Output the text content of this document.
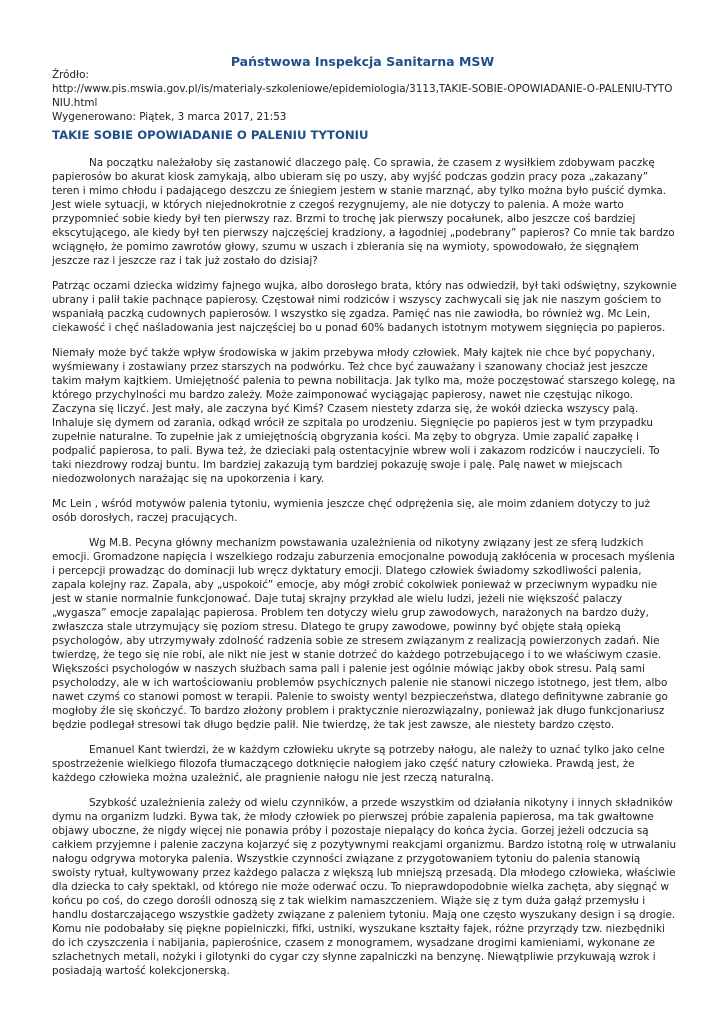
Państwowa Inspekcja Sanitarna MSW

Źródło:

http://www.pis.mswia.gov.pl/is/materialy-szkoleniowe/epidemiologia/3113,TAKIE-SOBIE-OPOWIADANIE-O-PALENIU-TYTONIU.html

Wygenerowano: Piątek, 3 marca 2017, 21:53

TAKIE SOBIE OPOWIADANIE O PALENIU TYTONIU

Na początku należałoby się zastanowić dlaczego palę. Co sprawia, że czasem z wysiłkiem zdobywam paczkę papierosów bo akurat kiosk zamykają, albo ubieram się po uszy, aby wyjść podczas godzin pracy poza „zakazany” teren i mimo chłodu i padającego deszczu ze śniegiem jestem w stanie marznąć, aby tylko można było puścić dymka. Jest wiele sytuacji, w których niejednokrotnie z czegoś rezygnujemy, ale nie dotyczy to palenia. A może warto przypomnieć sobie kiedy był ten pierwszy raz. Brzmi to trochę jak pierwszy pocałunek, albo jeszcze coś bardziej ekscytującego, ale kiedy był ten pierwszy najczęściej kradziony, a łagodniej „podebrany” papieros? Co mnie tak bardzo wciągnęło, że pomimo zawrotów głowy, szumu w uszach i zbierania się na wymioty, spowodowało, że sięgnąłem jeszcze raz i jeszcze raz i tak już zostało do dzisiaj?

Patrząc oczami dziecka widzimy fajnego wujka, albo dorosłego brata, który nas odwiedził, był taki odświętny, szykownie ubrany i palił takie pachnące papierosy. Częstował nimi rodziców i wszyscy zachwycali się jak nie naszym gościem to wspaniałą paczką cudownych papierosów. I wszystko się zgadza. Pamięć nas nie zawiodła, bo również wg. Mc Lein, ciekawość i chęć naśladowania jest najczęściej bo u ponad 60% badanych istotnym motywem sięgnięcia po papieros.

Niemały może być także wpływ środowiska w jakim przebywa młody człowiek. Mały kajtek nie chce być popychany, wyśmiewany i zostawiany przez starszych na podwórku. Też chce być zauważany i szanowany chociaż jest jeszcze takim małym kajtkiem. Umiejętność palenia to pewna nobilitacja. Jak tylko ma, może poczęstować starszego kolegę, na którego przychylności mu bardzo zależy. Może zaimponować wyciągając papierosy, nawet nie częstując nikogo. Zaczyna się liczyć. Jest mały, ale zaczyna być Kimś? Czasem niestety zdarza się, że wokół dziecka wszyscy palą. Inhaluje się dymem od zarania, odkąd wrócił ze szpitala po urodzeniu. Sięgnięcie po papieros jest w tym przypadku zupełnie naturalne. To zupełnie jak z umiejętnością obgryzania kości. Ma zęby to obgryza. Umie zapalić zapałkę i podpalić papierosa, to pali. Bywa też, że dzieciaki palą ostentacyjnie wbrew woli i zakazom rodziców i nauczycieli. To taki niezdrowy rodzaj buntu. Im bardziej zakazują tym bardziej pokazuję swoje i palę. Palę nawet w miejscach niedozwolonych narażając się na upokorzenia i kary.

Mc Lein , wśród motywów palenia tytoniu, wymienia jeszcze chęć odprężenia się, ale moim zdaniem dotyczy to już osób dorosłych, raczej pracujących.

Wg M.B. Pecyna główny mechanizm powstawania uzależnienia od nikotyny związany jest ze sferą ludzkich emocji. Gromadzone napięcia i wszelkiego rodzaju zaburzenia emocjonalne powodują zakłócenia w procesach myślenia i percepcji prowadząc do dominacji lub wręcz dyktatury emocji. Dlatego człowiek świadomy szkodliwości palenia, zapala kolejny raz. Zapala, aby „uspokoić” emocje, aby mógł zrobić cokolwiek ponieważ w przeciwnym wypadku nie jest w stanie normalnie funkcjonować. Daje tutaj skrajny przykład ale wielu ludzi, jeżeli nie większość palaczy „wygasza” emocje zapalając papierosa. Problem ten dotyczy wielu grup zawodowych, narażonych na bardzo duży, zwłaszcza stale utrzymujący się poziom stresu. Dlatego te grupy zawodowe, powinny być objęte stałą opieką psychologów, aby utrzymywały zdolność radzenia sobie ze stresem związanym z realizacją powierzonych zadań. Nie twierdzę, że tego się nie robi, ale nikt nie jest w stanie dotrzeć do każdego potrzebującego i to we właściwym czasie. Większości psychologów w naszych służbach sama pali i palenie jest ogólnie mówiąc jakby obok stresu. Palą sami psycholodzy, ale w ich wartościowaniu problemów psychicznych palenie nie stanowi niczego istotnego, jest tłem, albo nawet czymś co stanowi pomost w terapii. Palenie to swoisty wentyl bezpieczeństwa, dlatego definitywne zabranie go mogłoby źle się skończyć. To bardzo złożony problem i praktycznie nierozwiązalny, ponieważ jak długo funkcjonariusz będzie podlegał stresowi tak długo będzie palił. Nie twierdzę, że tak jest zawsze, ale niestety bardzo często.

Emanuel Kant twierdzi, że w każdym człowieku ukryte są potrzeby nałogu, ale należy to uznać tylko jako celne spostrzeżenie wielkiego filozofa tłumaczącego dotknięcie nałogiem jako część natury człowieka. Prawdą jest, że każdego człowieka można uzależnić, ale pragnienie nałogu nie jest rzeczą naturalną.

Szybkość uzależnienia zależy od wielu czynników, a przede wszystkim od działania nikotyny i innych składników dymu na organizm ludzki. Bywa tak, że młody człowiek po pierwszej próbie zapalenia papierosa, ma tak gwałtowne objawy uboczne, że nigdy więcej nie ponawia próby i pozostaje niepalący do końca życia. Gorzej jeżeli odczucia są całkiem przyjemne i palenie zaczyna kojarzyć się z pozytywnymi reakcjami organizmu. Bardzo istotną rolę w utrwalaniu nałogu odgrywa motoryka palenia. Wszystkie czynności związane z przygotowaniem tytoniu do palenia stanowią swoisty rytuał, kultywowany przez każdego palacza z większą lub mniejszą przesadą. Dla młodego człowieka, właściwie dla dziecka to cały spektakl, od którego nie może oderwać oczu. To nieprawdopodobnie wielka zachęta, aby sięgnąć w końcu po coś, do czego dorośli odnoszą się z tak wielkim namaszczeniem. Wiąże się z tym duża gałąź przemysłu i handlu dostarczającego wszystkie gadżety związane z paleniem tytoniu. Mają one często wyszukany design i są drogie. Komu nie podobałaby się piękne popielniczki, fifki, ustniki, wyszukane kształty fajek, różne przyrządy tzw. niezbędniki do ich czyszczenia i nabijania, papierośnice, czasem z monogramem, wysadzane drogimi kamieniami, wykonane ze szlachetnych metali, nożyki i gilotynki do cygar czy słynne zapalniczki na benzynę. Niewątpliwie przykuwają wzrok i posiadają wartość kolekcjonerską.
